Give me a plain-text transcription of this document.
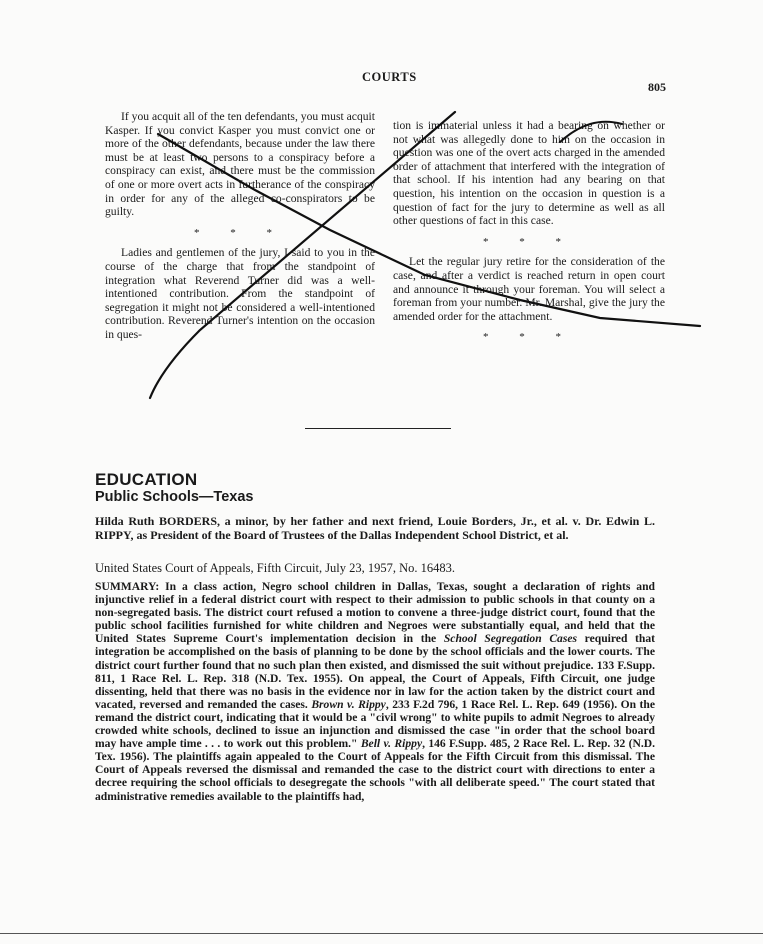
COURTS
805

If you acquit all of the ten defendants, you must acquit Kasper. If you convict Kasper you must convict one or more of the other defendants, because under the law there must be at least two persons to a conspiracy before a conspiracy can exist, and there must be the commission of one or more overt acts in furtherance of the conspiracy in order for any of the alleged co-conspirators to be guilty.

* * *

Ladies and gentlemen of the jury, I said to you in the course of the charge that from the standpoint of integration what Reverend Turner did was a well-intentioned contribution. From the standpoint of segregation it might not be considered a well-intentioned contribution. Reverend Turner's intention on the occasion in ques-

tion is immaterial unless it had a bearing on whether or not what was allegedly done to him on the occasion in question was one of the overt acts charged in the amended order of attachment that interfered with the integration of that school. If his intention had any bearing on that question, his intention on the occasion in question is a question of fact for the jury to determine as well as all other questions of fact in this case.

* * *

Let the regular jury retire for the consideration of the case, and after a verdict is reached return in open court and announce it through your foreman. You will select a foreman from your number. Mr. Marshal, give the jury the amended order for the attachment.

* * *
EDUCATION
Public Schools—Texas
Hilda Ruth BORDERS, a minor, by her father and next friend, Louie Borders, Jr., et al. v. Dr. Edwin L. RIPPY, as President of the Board of Trustees of the Dallas Independent School District, et al.
United States Court of Appeals, Fifth Circuit, July 23, 1957, No. 16483.
SUMMARY: In a class action, Negro school children in Dallas, Texas, sought a declaration of rights and injunctive relief in a federal district court with respect to their admission to public schools in that county on a non-segregated basis. The district court refused a motion to convene a three-judge district court, found that the public school facilities furnished for white children and Negroes were substantially equal, and held that the United States Supreme Court's implementation decision in the School Segregation Cases required that integration be accomplished on the basis of planning to be done by the school officials and the lower courts. The district court further found that no such plan then existed, and dismissed the suit without prejudice. 133 F.Supp. 811, 1 Race Rel. L. Rep. 318 (N.D. Tex. 1955). On appeal, the Court of Appeals, Fifth Circuit, one judge dissenting, held that there was no basis in the evidence nor in law for the action taken by the district court and vacated, reversed and remanded the cases. Brown v. Rippy, 233 F.2d 796, 1 Race Rel. L. Rep. 649 (1956). On the remand the district court, indicating that it would be a "civil wrong" to white pupils to admit Negroes to already crowded white schools, declined to issue an injunction and dismissed the case "in order that the school board may have ample time . . . to work out this problem." Bell v. Rippy, 146 F.Supp. 485, 2 Race Rel. L. Rep. 32 (N.D. Tex. 1956). The plaintiffs again appealed to the Court of Appeals for the Fifth Circuit from this dismissal. The Court of Appeals reversed the dismissal and remanded the case to the district court with directions to enter a decree requiring the school officials to desegregate the schools "with all deliberate speed." The court stated that administrative remedies available to the plaintiffs had,
